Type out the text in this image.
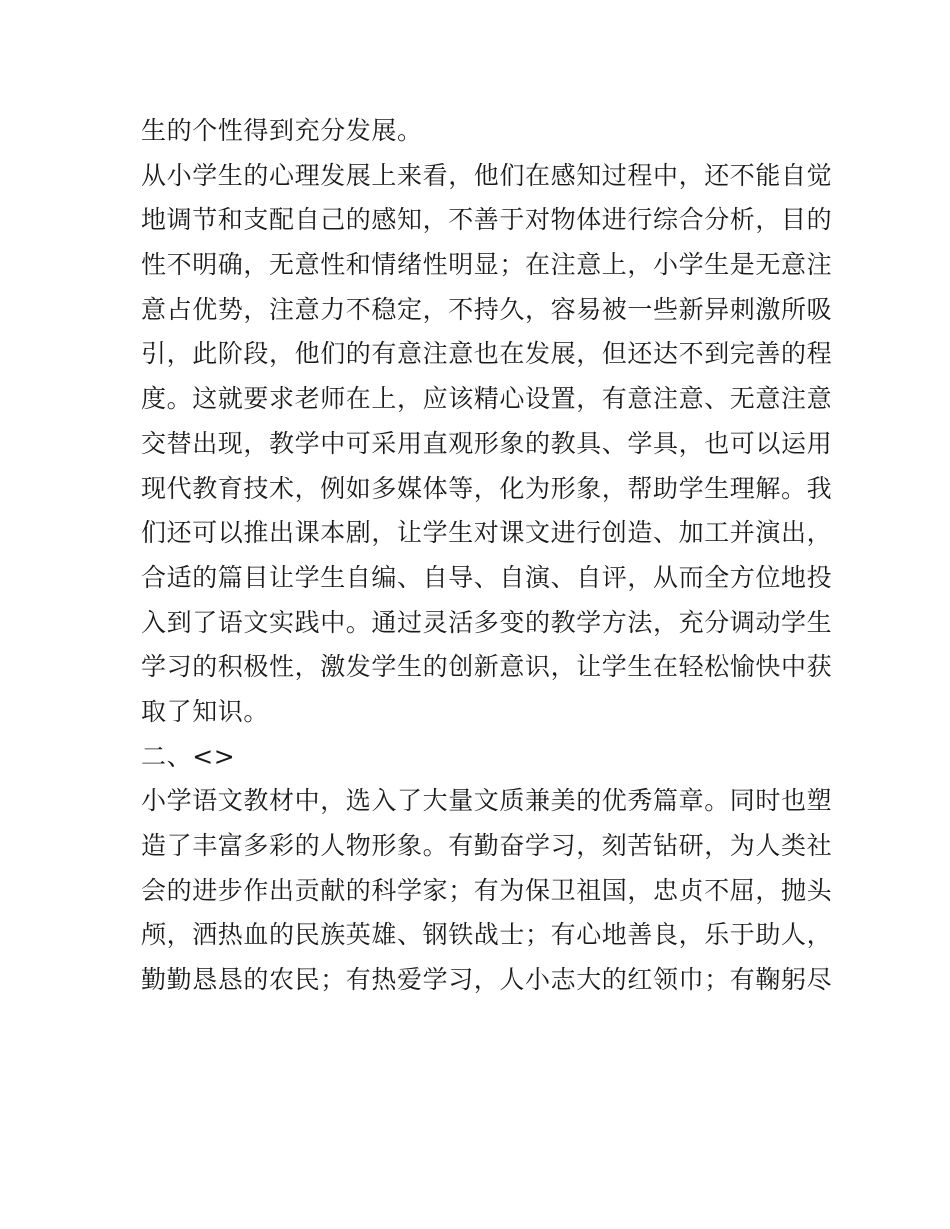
生的个性得到充分发展。
从小学生的心理发展上来看，他们在感知过程中，还不能自觉
地调节和支配自己的感知，不善于对物体进行综合分析，目的
性不明确，无意性和情绪性明显；在注意上，小学生是无意注
意占优势，注意力不稳定，不持久，容易被一些新异刺激所吸
引，此阶段，他们的有意注意也在发展，但还达不到完善的程
度。这就要求老师在上，应该精心设置，有意注意、无意注意
交替出现，教学中可采用直观形象的教具、学具，也可以运用
现代教育技术，例如多媒体等，化为形象，帮助学生理解。我
们还可以推出课本剧，让学生对课文进行创造、加工并演出，
合适的篇目让学生自编、自导、自演、自评，从而全方位地投
入到了语文实践中。通过灵活多变的教学方法，充分调动学生
学习的积极性，激发学生的创新意识，让学生在轻松愉快中获
取了知识。
二、<>
小学语文教材中，选入了大量文质兼美的优秀篇章。同时也塑
造了丰富多彩的人物形象。有勤奋学习，刻苦钻研，为人类社
会的进步作出贡献的科学家；有为保卫祖国，忠贞不屈，抛头
颅，洒热血的民族英雄、钢铁战士；有心地善良，乐于助人，
勤勤恳恳的农民；有热爱学习，人小志大的红领巾；有鞠躬尽
